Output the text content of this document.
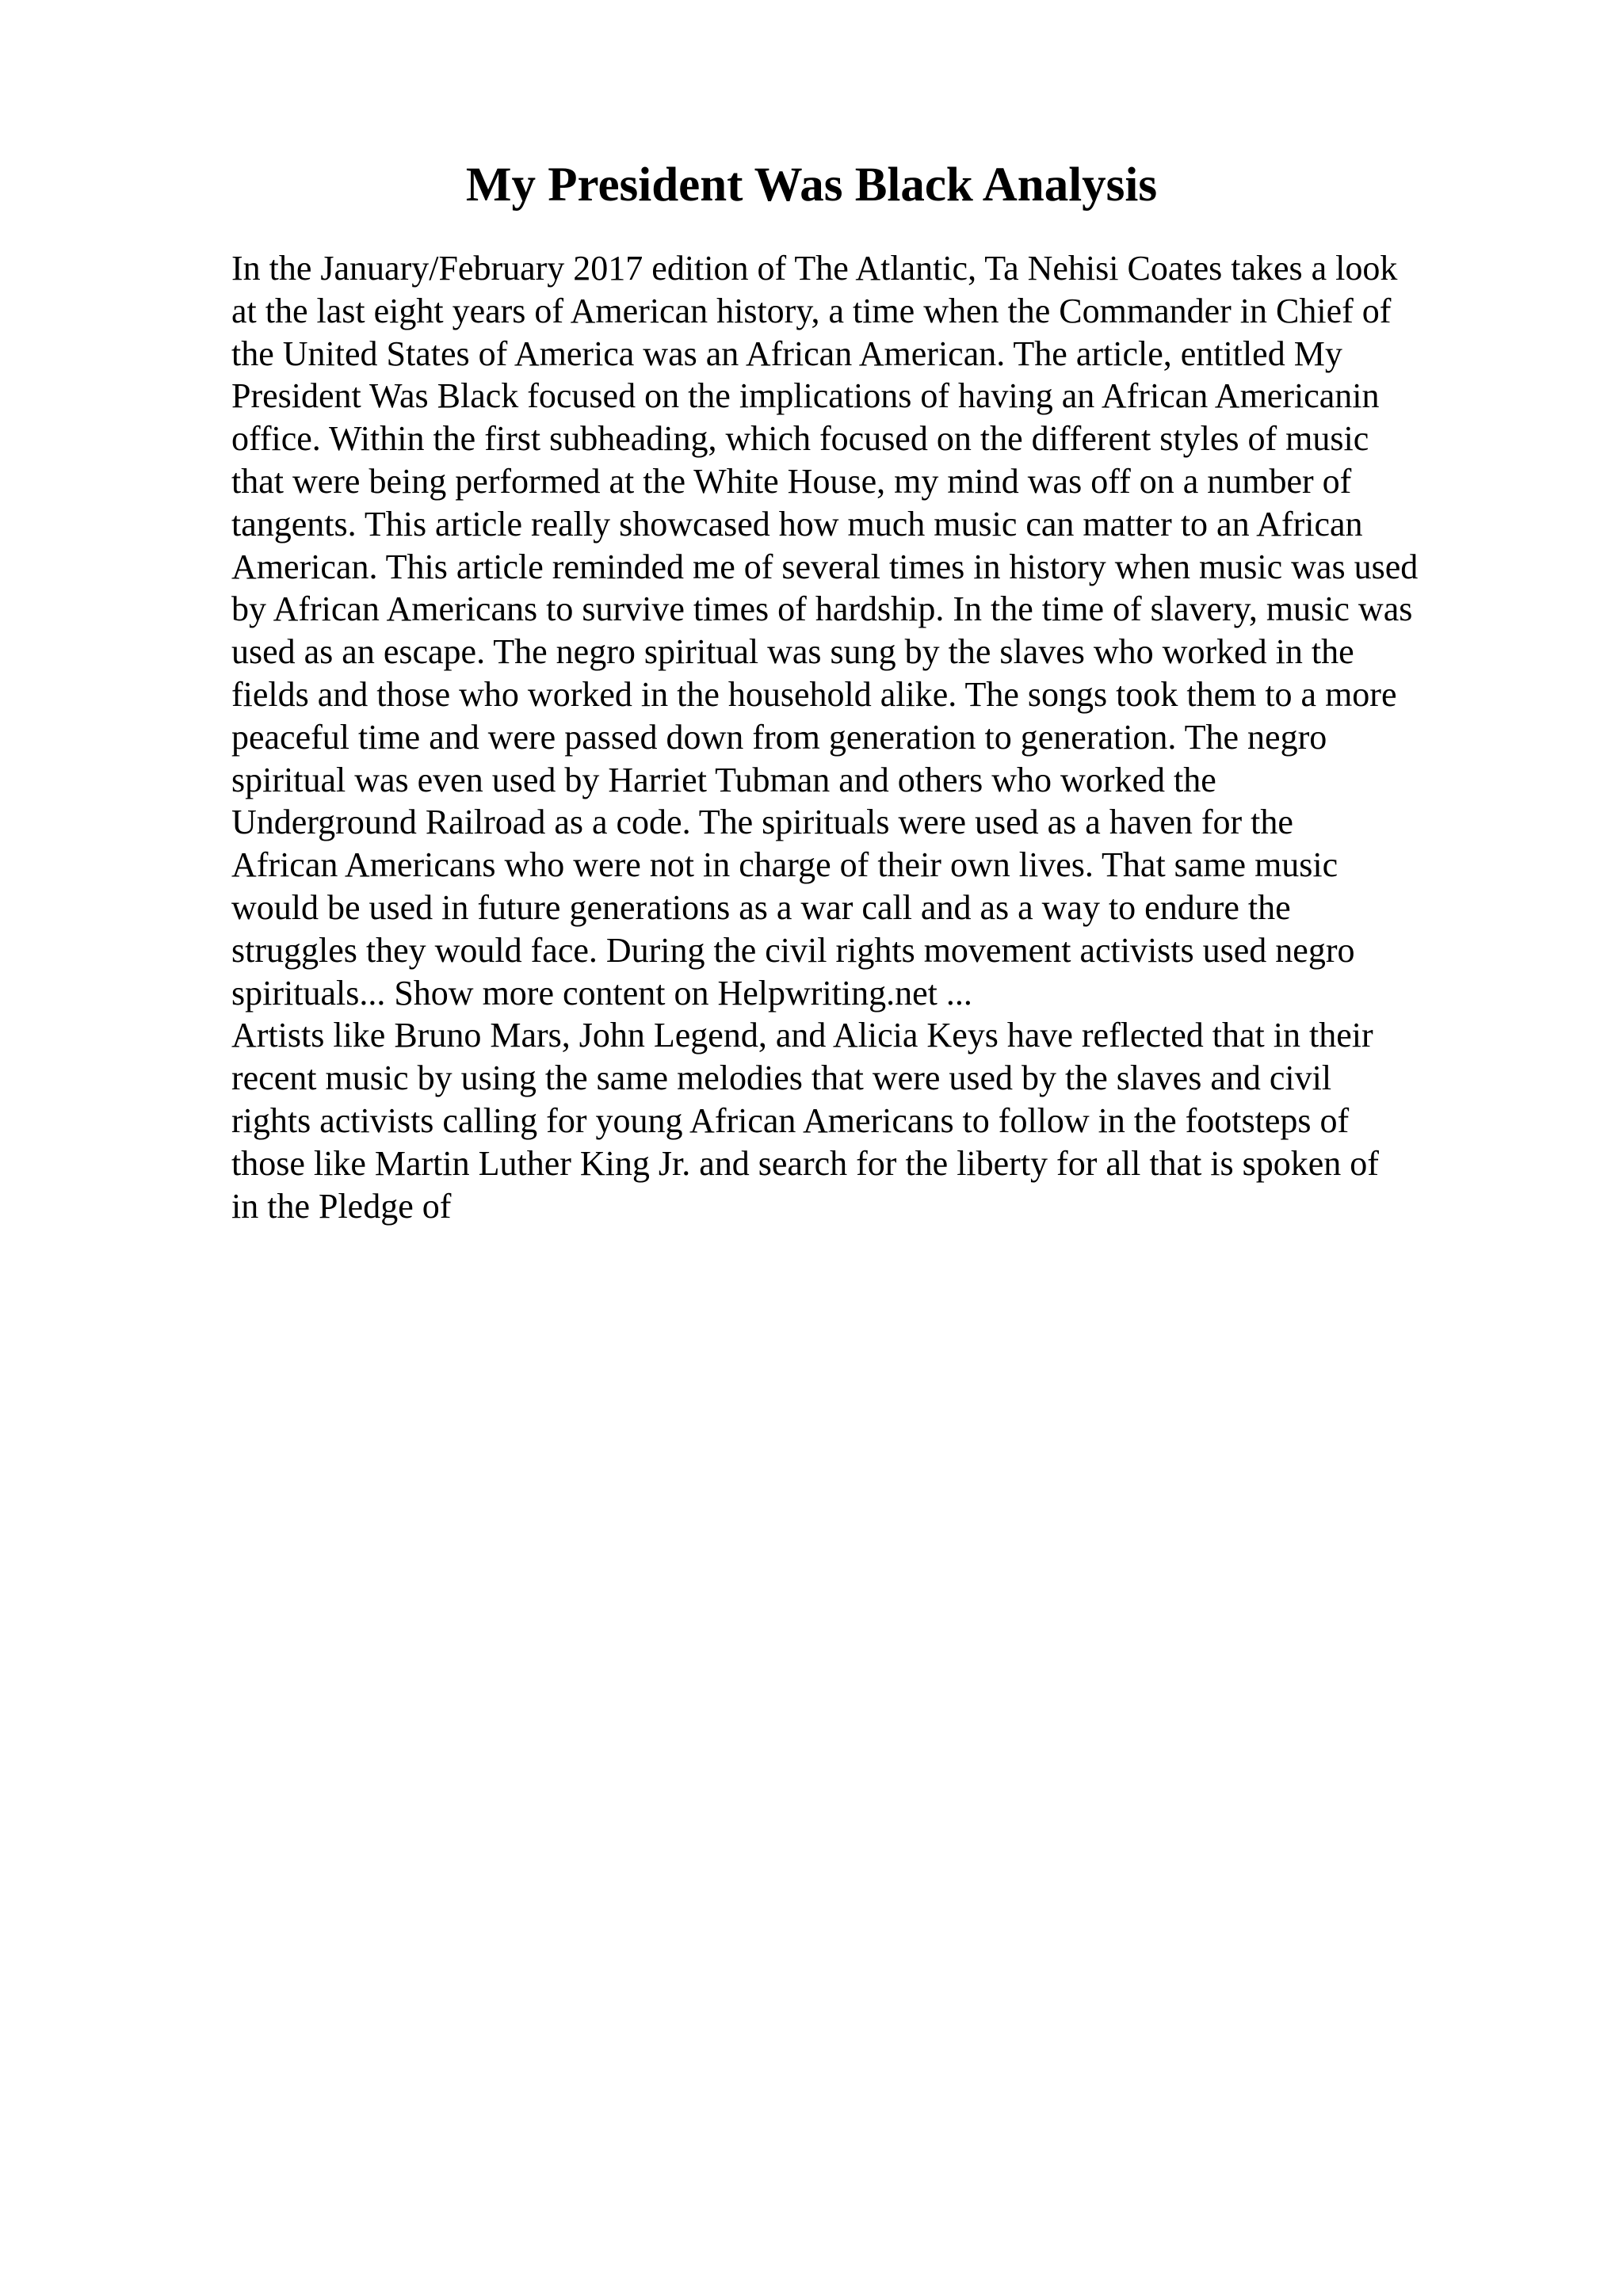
My President Was Black Analysis
In the January/February 2017 edition of The Atlantic, Ta Nehisi Coates takes a look
at the last eight years of American history, a time when the Commander in Chief of
the United States of America was an African American. The article, entitled My
President Was Black focused on the implications of having an African Americanin
office. Within the first subheading, which focused on the different styles of music
that were being performed at the White House, my mind was off on a number of
tangents. This article really showcased how much music can matter to an African
American. This article reminded me of several times in history when music was used
by African Americans to survive times of hardship. In the time of slavery, music was
used as an escape. The negro spiritual was sung by the slaves who worked in the
fields and those who worked in the household alike. The songs took them to a more
peaceful time and were passed down from generation to generation. The negro
spiritual was even used by Harriet Tubman and others who worked the
Underground Railroad as a code. The spirituals were used as a haven for the
African Americans who were not in charge of their own lives. That same music
would be used in future generations as a war call and as a way to endure the
struggles they would face. During the civil rights movement activists used negro
spirituals... Show more content on Helpwriting.net ...
Artists like Bruno Mars, John Legend, and Alicia Keys have reflected that in their
recent music by using the same melodies that were used by the slaves and civil
rights activists calling for young African Americans to follow in the footsteps of
those like Martin Luther King Jr. and search for the liberty for all that is spoken of
in the Pledge of
